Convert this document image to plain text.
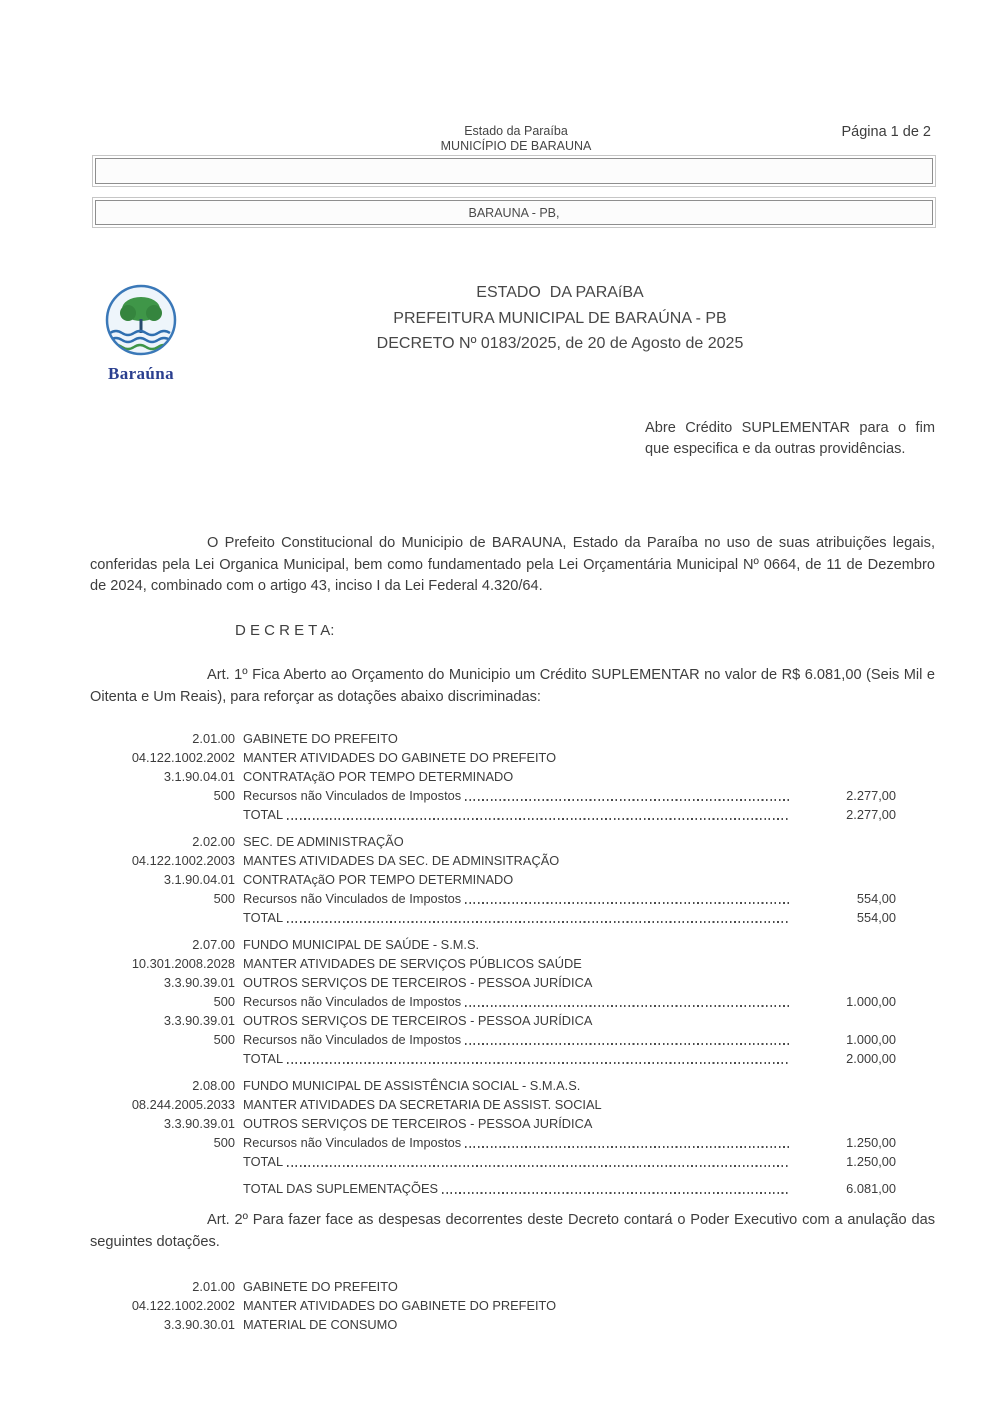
Estado da Paraíba
MUNICÍPIO DE BARAUNA
Página 1 de 2
BARAUNA - PB,
Baraúna
ESTADO  DA PARAíBA
PREFEITURA MUNICIPAL DE BARAÚNA - PB
DECRETO Nº 0183/2025, de 20 de Agosto de 2025
Abre Crédito SUPLEMENTAR para o fim que especifica e da outras providências.
O Prefeito Constitucional do Municipio de BARAUNA, Estado da Paraíba no uso de suas atribuições legais, conferidas pela Lei Organica Municipal, bem como fundamentado pela Lei Orçamentária Municipal Nº 0664, de 11 de Dezembro de 2024, combinado com o artigo 43, inciso I da Lei Federal 4.320/64.
D E C R E T A:
Art. 1º Fica Aberto ao Orçamento do Municipio um Crédito SUPLEMENTAR no valor de R$ 6.081,00 (Seis Mil e Oitenta e Um Reais), para reforçar as dotações abaixo discriminadas:
2.01.00 GABINETE DO PREFEITO
04.122.1002.2002 MANTER ATIVIDADES DO GABINETE DO PREFEITO
3.1.90.04.01 CONTRATAçãO POR TEMPO DETERMINADO
500 Recursos não Vinculados de Impostos	2.277,00
TOTAL	2.277,00
2.02.00 SEC. DE ADMINISTRAÇÃO
04.122.1002.2003 MANTES ATIVIDADES DA SEC. DE ADMINSITRAÇÃO
3.1.90.04.01 CONTRATAçãO POR TEMPO DETERMINADO
500 Recursos não Vinculados de Impostos	554,00
TOTAL	554,00
2.07.00 FUNDO MUNICIPAL DE SAÚDE - S.M.S.
10.301.2008.2028 MANTER ATIVIDADES DE SERVIÇOS PÚBLICOS SAÚDE
3.3.90.39.01 OUTROS SERVIÇOS DE TERCEIROS - PESSOA JURÍDICA
500 Recursos não Vinculados de Impostos	1.000,00
3.3.90.39.01 OUTROS SERVIÇOS DE TERCEIROS - PESSOA JURÍDICA
500 Recursos não Vinculados de Impostos	1.000,00
TOTAL	2.000,00
2.08.00 FUNDO MUNICIPAL DE ASSISTÊNCIA SOCIAL - S.M.A.S.
08.244.2005.2033 MANTER ATIVIDADES DA SECRETARIA DE ASSIST. SOCIAL
3.3.90.39.01 OUTROS SERVIÇOS DE TERCEIROS - PESSOA JURÍDICA
500 Recursos não Vinculados de Impostos	1.250,00
TOTAL	1.250,00
TOTAL DAS SUPLEMENTAÇÕES	6.081,00
Art. 2º Para fazer face as despesas decorrentes deste Decreto contará o Poder Executivo com a anulação das seguintes dotações.
2.01.00 GABINETE DO PREFEITO
04.122.1002.2002 MANTER ATIVIDADES DO GABINETE DO PREFEITO
3.3.90.30.01 MATERIAL DE CONSUMO
